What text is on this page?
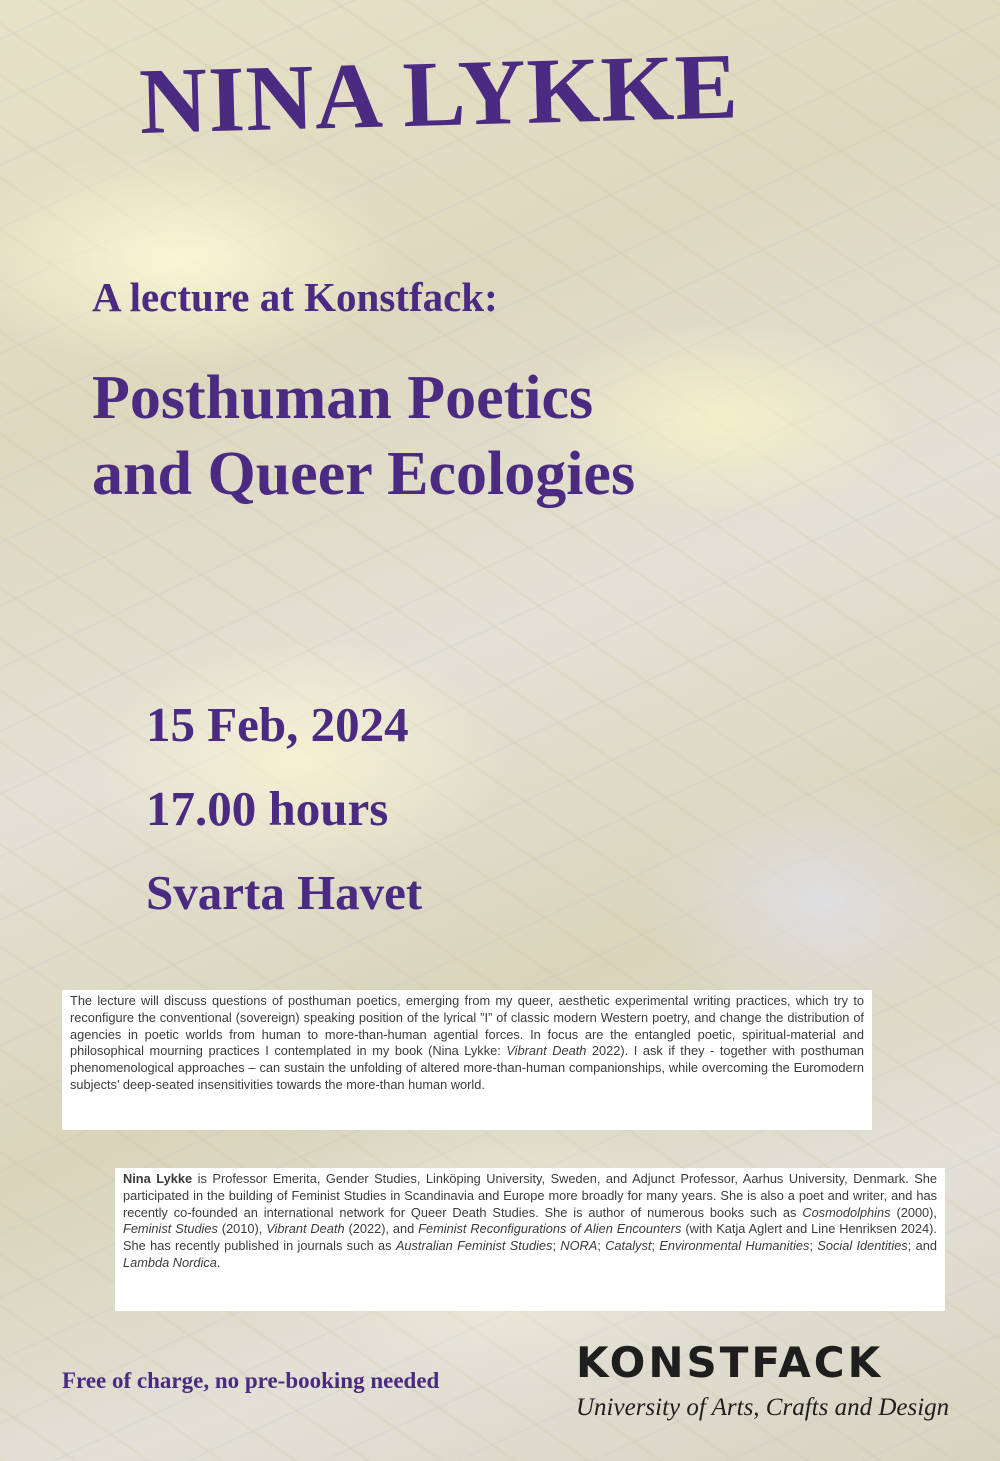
NINA LYKKE
A lecture at Konstfack:
Posthuman Poetics
and Queer Ecologies
15 Feb, 2024
17.00 hours
Svarta Havet
The lecture will discuss questions of posthuman poetics, emerging from my queer, aesthetic experimental writing practices, which try to reconfigure the conventional (sovereign) speaking position of the lyrical ”I” of classic modern Western poetry, and change the distribution of agencies in poetic worlds from human to more-than-human agential forces. In focus are the entangled poetic, spiritual-material and philosophical mourning practices I contemplated in my book (Nina Lykke: Vibrant Death 2022). I ask if they - together with posthuman phenomenological approaches – can sustain the unfolding of altered more-than-human companionships, while overcoming the Euromodern subjects’ deep-seated insensitivities towards the more-than human world.
Nina Lykke is Professor Emerita, Gender Studies, Linköping University, Sweden, and Adjunct Professor, Aarhus University, Denmark. She participated in the building of Feminist Studies in Scandinavia and Europe more broadly for many years. She is also a poet and writer, and has recently co-founded an international network for Queer Death Studies. She is author of numerous books such as Cosmodolphins (2000), Feminist Studies (2010), Vibrant Death (2022), and Feminist Reconfigurations of Alien Encounters (with Katja Aglert and Line Henriksen 2024). She has recently published in journals such as Australian Feminist Studies; NORA; Catalyst; Environmental Humanities; Social Identities; and Lambda Nordica.
Free of charge, no pre-booking needed	KONSTFACK
University of Arts, Crafts and Design
